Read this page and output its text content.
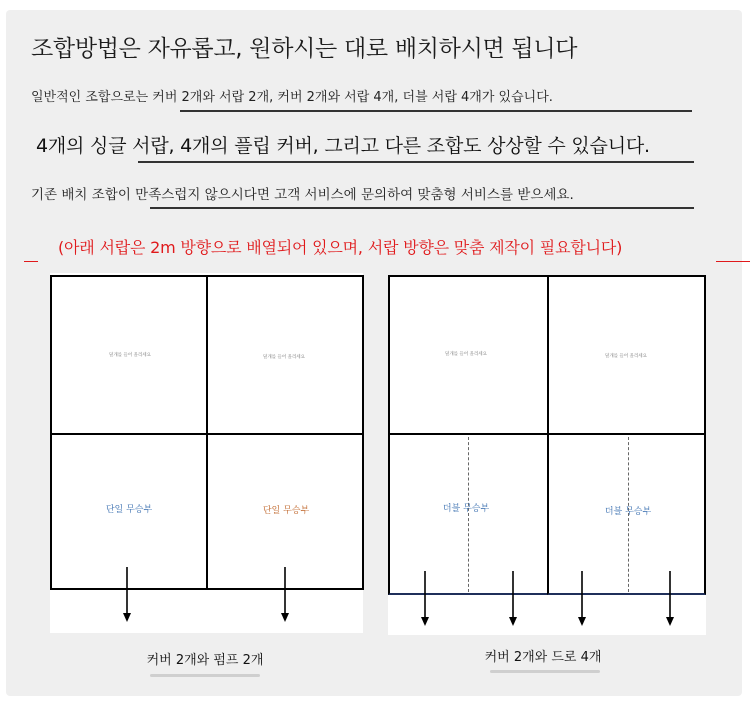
조합방법은 자유롭고, 원하시는 대로 배치하시면 됩니다
일반적인 조합으로는 커버 2개와 서랍 2개, 커버 2개와 서랍 4개, 더블 서랍 4개가 있습니다.
4개의 싱글 서랍, 4개의 플립 커버, 그리고 다른 조합도 상상할 수 있습니다.
기존 배치 조합이 만족스럽지 않으시다면 고객 서비스에 문의하여 맞춤형 서비스를 받으세요.
(아래 서랍은 2m 방향으로 배열되어 있으며, 서랍 방향은 맞춤 제작이 필요합니다)
덮개를 들어 올리세요	덮개를 들어 올리세요
단일 무승부	단일 무승부
덮개를 들어 올리세요	덮개를 들어 올리세요
더블 무승부	더블 무승부
커버 2개와 펌프 2개	커버 2개와 드로 4개
